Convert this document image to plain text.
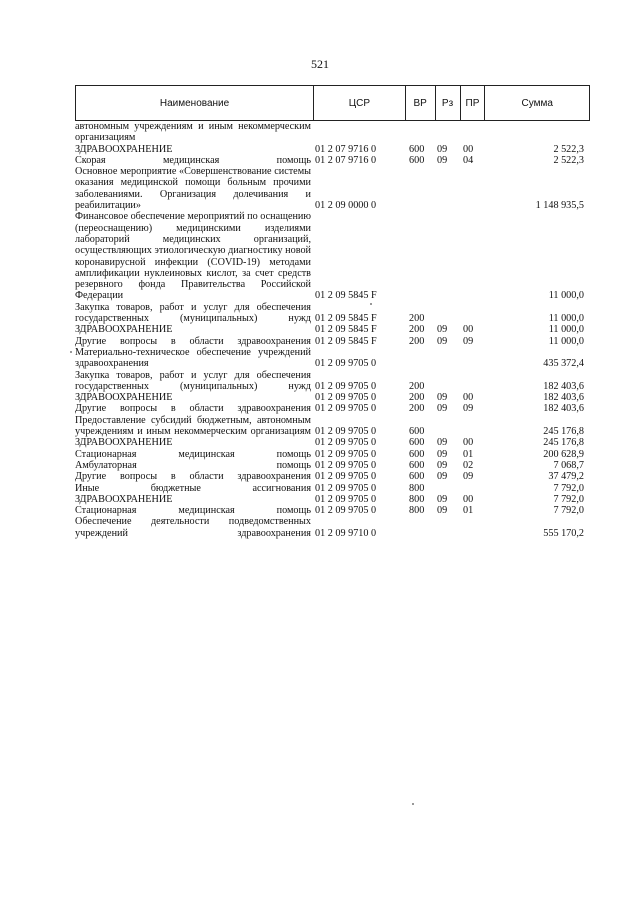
521
Наименование	ЦСР	ВР	Рз	ПР	Сумма
автономным учреждениям и иным некоммерческим организациям
ЗДРАВООХРАНЕНИЕ	01 2 07 9716 0	600	09	00	2 522,3
Скорая медицинская помощь 01 2 07 9716 0	600	09	04	2 522,3
Основное мероприятие «Совершенствование системы оказания медицинской помощи больным прочими заболеваниями. Организация долечивания и реабилитации»	01 2 09 0000 0	1 148 935,5
Финансовое обеспечение мероприятий по оснащению (переоснащению) медицинскими изделиями лабораторий медицинских организаций, осуществляющих этиологическую диагностику новой коронавирусной инфекции (COVID-19) методами амплификации нуклеиновых кислот, за счет средств резервного фонда Правительства Российской Федерации	01 2 09 5845 F	11 000,0
Закупка товаров, работ и услуг для обеспечения государственных (муниципальных) нужд 01 2 09 5845 F	200	11 000,0
ЗДРАВООХРАНЕНИЕ	01 2 09 5845 F	200	09	00	11 000,0
Другие вопросы в области здравоохранения 01 2 09 5845 F	200	09	09	11 000,0
Материально-техническое обеспечение учреждений здравоохранения	01 2 09 9705 0	435 372,4
Закупка товаров, работ и услуг для обеспечения государственных (муниципальных) нужд 01 2 09 9705 0	200	182 403,6
ЗДРАВООХРАНЕНИЕ	01 2 09 9705 0	200	09	00	182 403,6
Другие вопросы в области здравоохранения 01 2 09 9705 0	200	09	09	182 403,6
Предоставление субсидий бюджетным, автономным учреждениям и иным некоммерческим организациям 01 2 09 9705 0	600	245 176,8
ЗДРАВООХРАНЕНИЕ	01 2 09 9705 0	600	09	00	245 176,8
Стационарная медицинская помощь 01 2 09 9705 0	600	09	01	200 628,9
Амбулаторная помощь 01 2 09 9705 0	600	09	02	7 068,7
Другие вопросы в области здравоохранения 01 2 09 9705 0	600	09	09	37 479,2
Иные бюджетные ассигнования 01 2 09 9705 0	800	7 792,0
ЗДРАВООХРАНЕНИЕ	01 2 09 9705 0	800	09	00	7 792,0
Стационарная медицинская помощь 01 2 09 9705 0	800	09	01	7 792,0
Обеспечение деятельности подведомственных учреждений здравоохранения 01 2 09 9710 0	555 170,2
